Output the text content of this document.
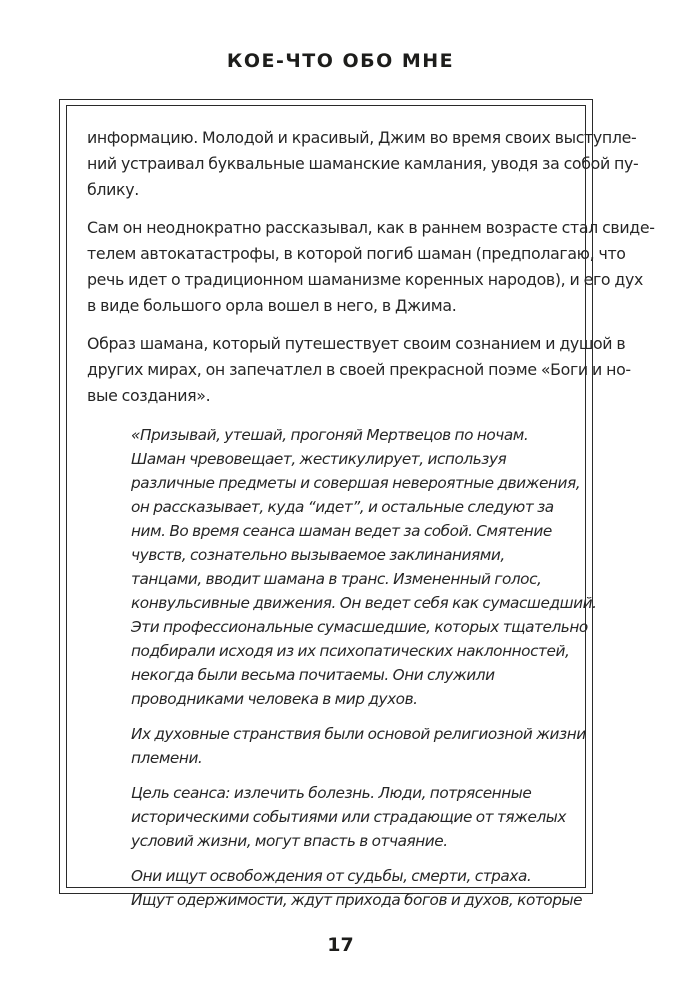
КОЕ-ЧТО ОБО МНЕ

информацию. Молодой и красивый, Джим во время своих выступле-
ний устраивал буквальные шаманские камлания, уводя за собой пу-
блику.

Сам он неоднократно рассказывал, как в раннем возрасте стал свиде-
телем автокатастрофы, в которой погиб шаман (предполагаю, что
речь идет о традиционном шаманизме коренных народов), и его дух
в виде большого орла вошел в него, в Джима.

Образ шамана, который путешествует своим сознанием и душой в
других мирах, он запечатлел в своей прекрасной поэме «Боги и но-
вые создания».

«Призывай, утешай, прогоняй Мертвецов по ночам.
Шаман чревовещает, жестикулирует, используя
различные предметы и совершая невероятные движения,
он рассказывает, куда “идет”, и остальные следуют за
ним. Во время сеанса шаман ведет за собой. Смятение
чувств, сознательно вызываемое заклинаниями,
танцами, вводит шамана в транс. Измененный голос,
конвульсивные движения. Он ведет себя как сумасшедший.
Эти профессиональные сумасшедшие, которых тщательно
подбирали исходя из их психопатических наклонностей,
некогда были весьма почитаемы. Они служили
проводниками человека в мир духов.

Их духовные странствия были основой религиозной жизни
племени.

Цель сеанса: излечить болезнь. Люди, потрясенные
историческими событиями или страдающие от тяжелых
условий жизни, могут впасть в отчаяние.

Они ищут освобождения от судьбы, смерти, страха.
Ищут одержимости, ждут прихода богов и духов, которые

17
